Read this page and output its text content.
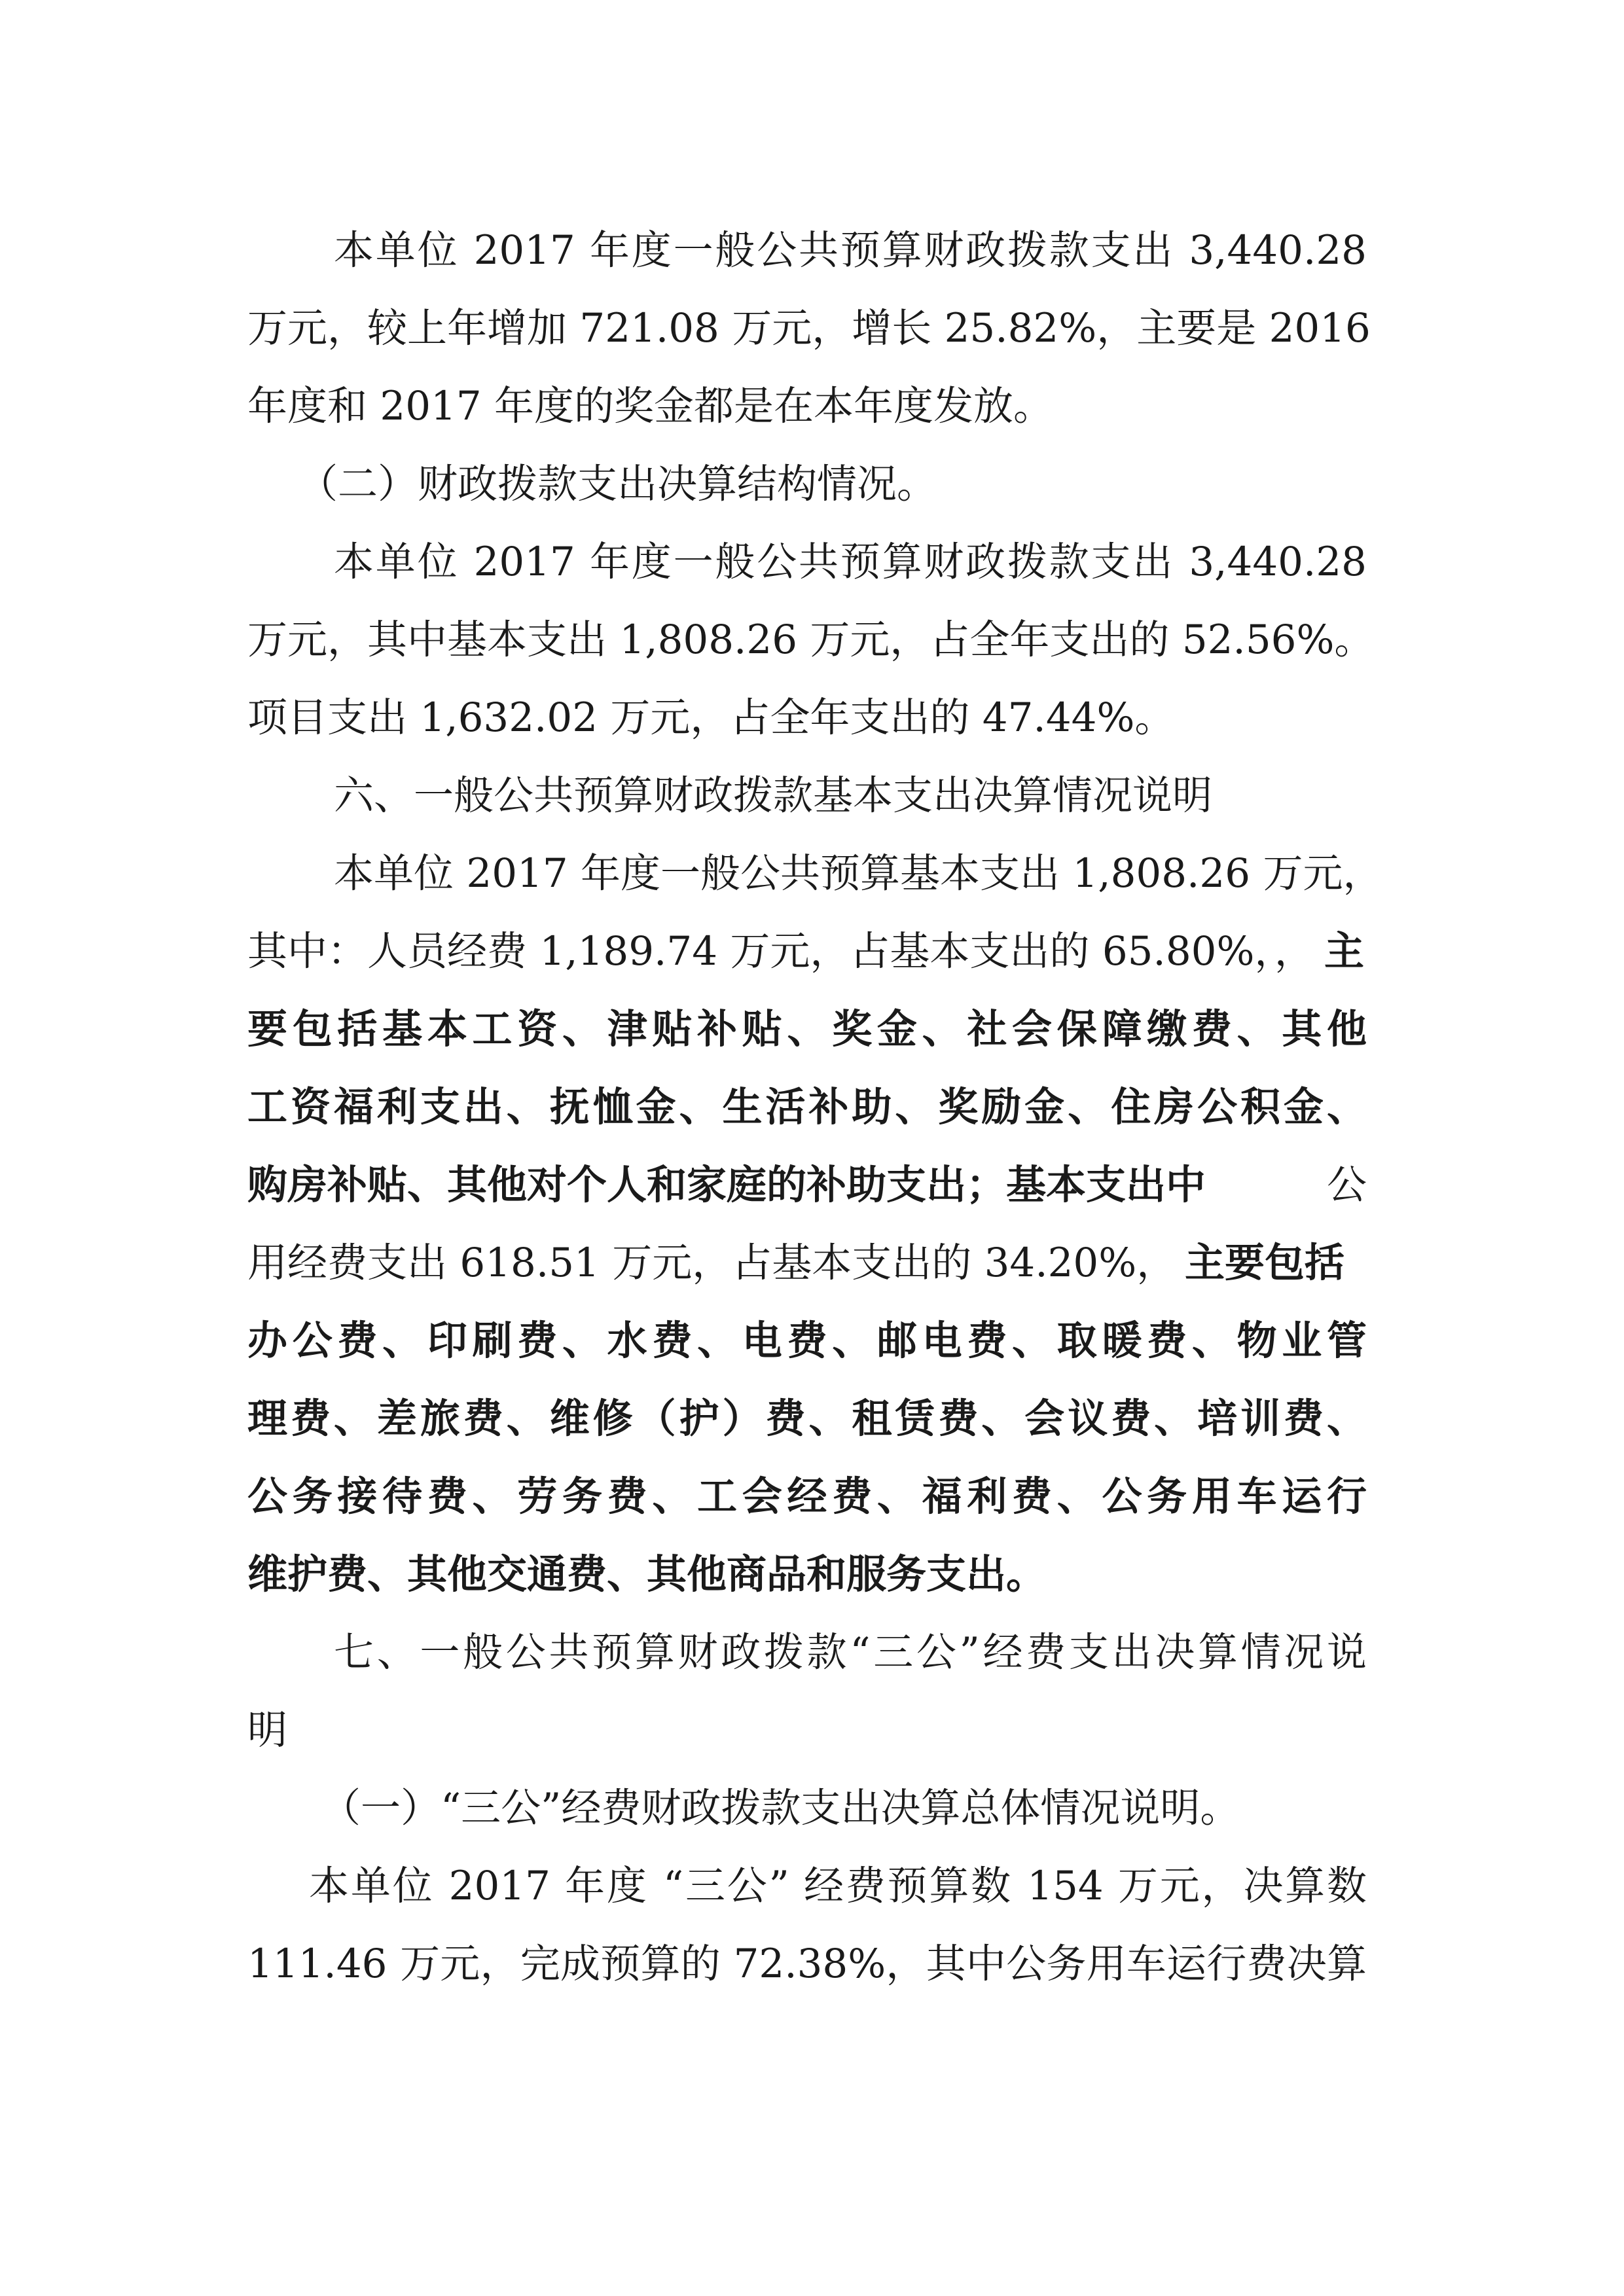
本单位 2017 年度一般公共预算财政拨款支出 3,440.28
万元，较上年增加 721.08 万元，增长 25.82%，主要是 2016
年度和 2017 年度的奖金都是在本年度发放。
（二）财政拨款支出决算结构情况。
本单位 2017 年度一般公共预算财政拨款支出 3,440.28
万元，其中基本支出 1,808.26 万元，占全年支出的 52.56%。
项目支出 1,632.02 万元，占全年支出的 47.44%。
六、一般公共预算财政拨款基本支出决算情况说明
本单位 2017 年度一般公共预算基本支出 1,808.26 万元，
其中：人员经费 1,189.74 万元，占基本支出的 65.80%，， 主
要包括基本工资、津贴补贴、奖金、社会保障缴费、其他
工资福利支出、抚恤金、生活补助、奖励金、住房公积金、
购房补贴、其他对个人和家庭的补助支出；基本支出中	公
用经费支出 618.51 万元，占基本支出的 34.20%， 主要包括
办公费、印刷费、水费、电费、邮电费、取暖费、物业管
理费、差旅费、维修（护）费、租赁费、会议费、培训费、
公务接待费、劳务费、工会经费、福利费、公务用车运行
维护费、其他交通费、其他商品和服务支出。
七、一般公共预算财政拨款“三公”经费支出决算情况说
明
（一）“三公”经费财政拨款支出决算总体情况说明。
本单位 2017 年度 “三公” 经费预算数 154 万元，决算数
111.46 万元，完成预算的 72.38%，其中公务用车运行费决算
